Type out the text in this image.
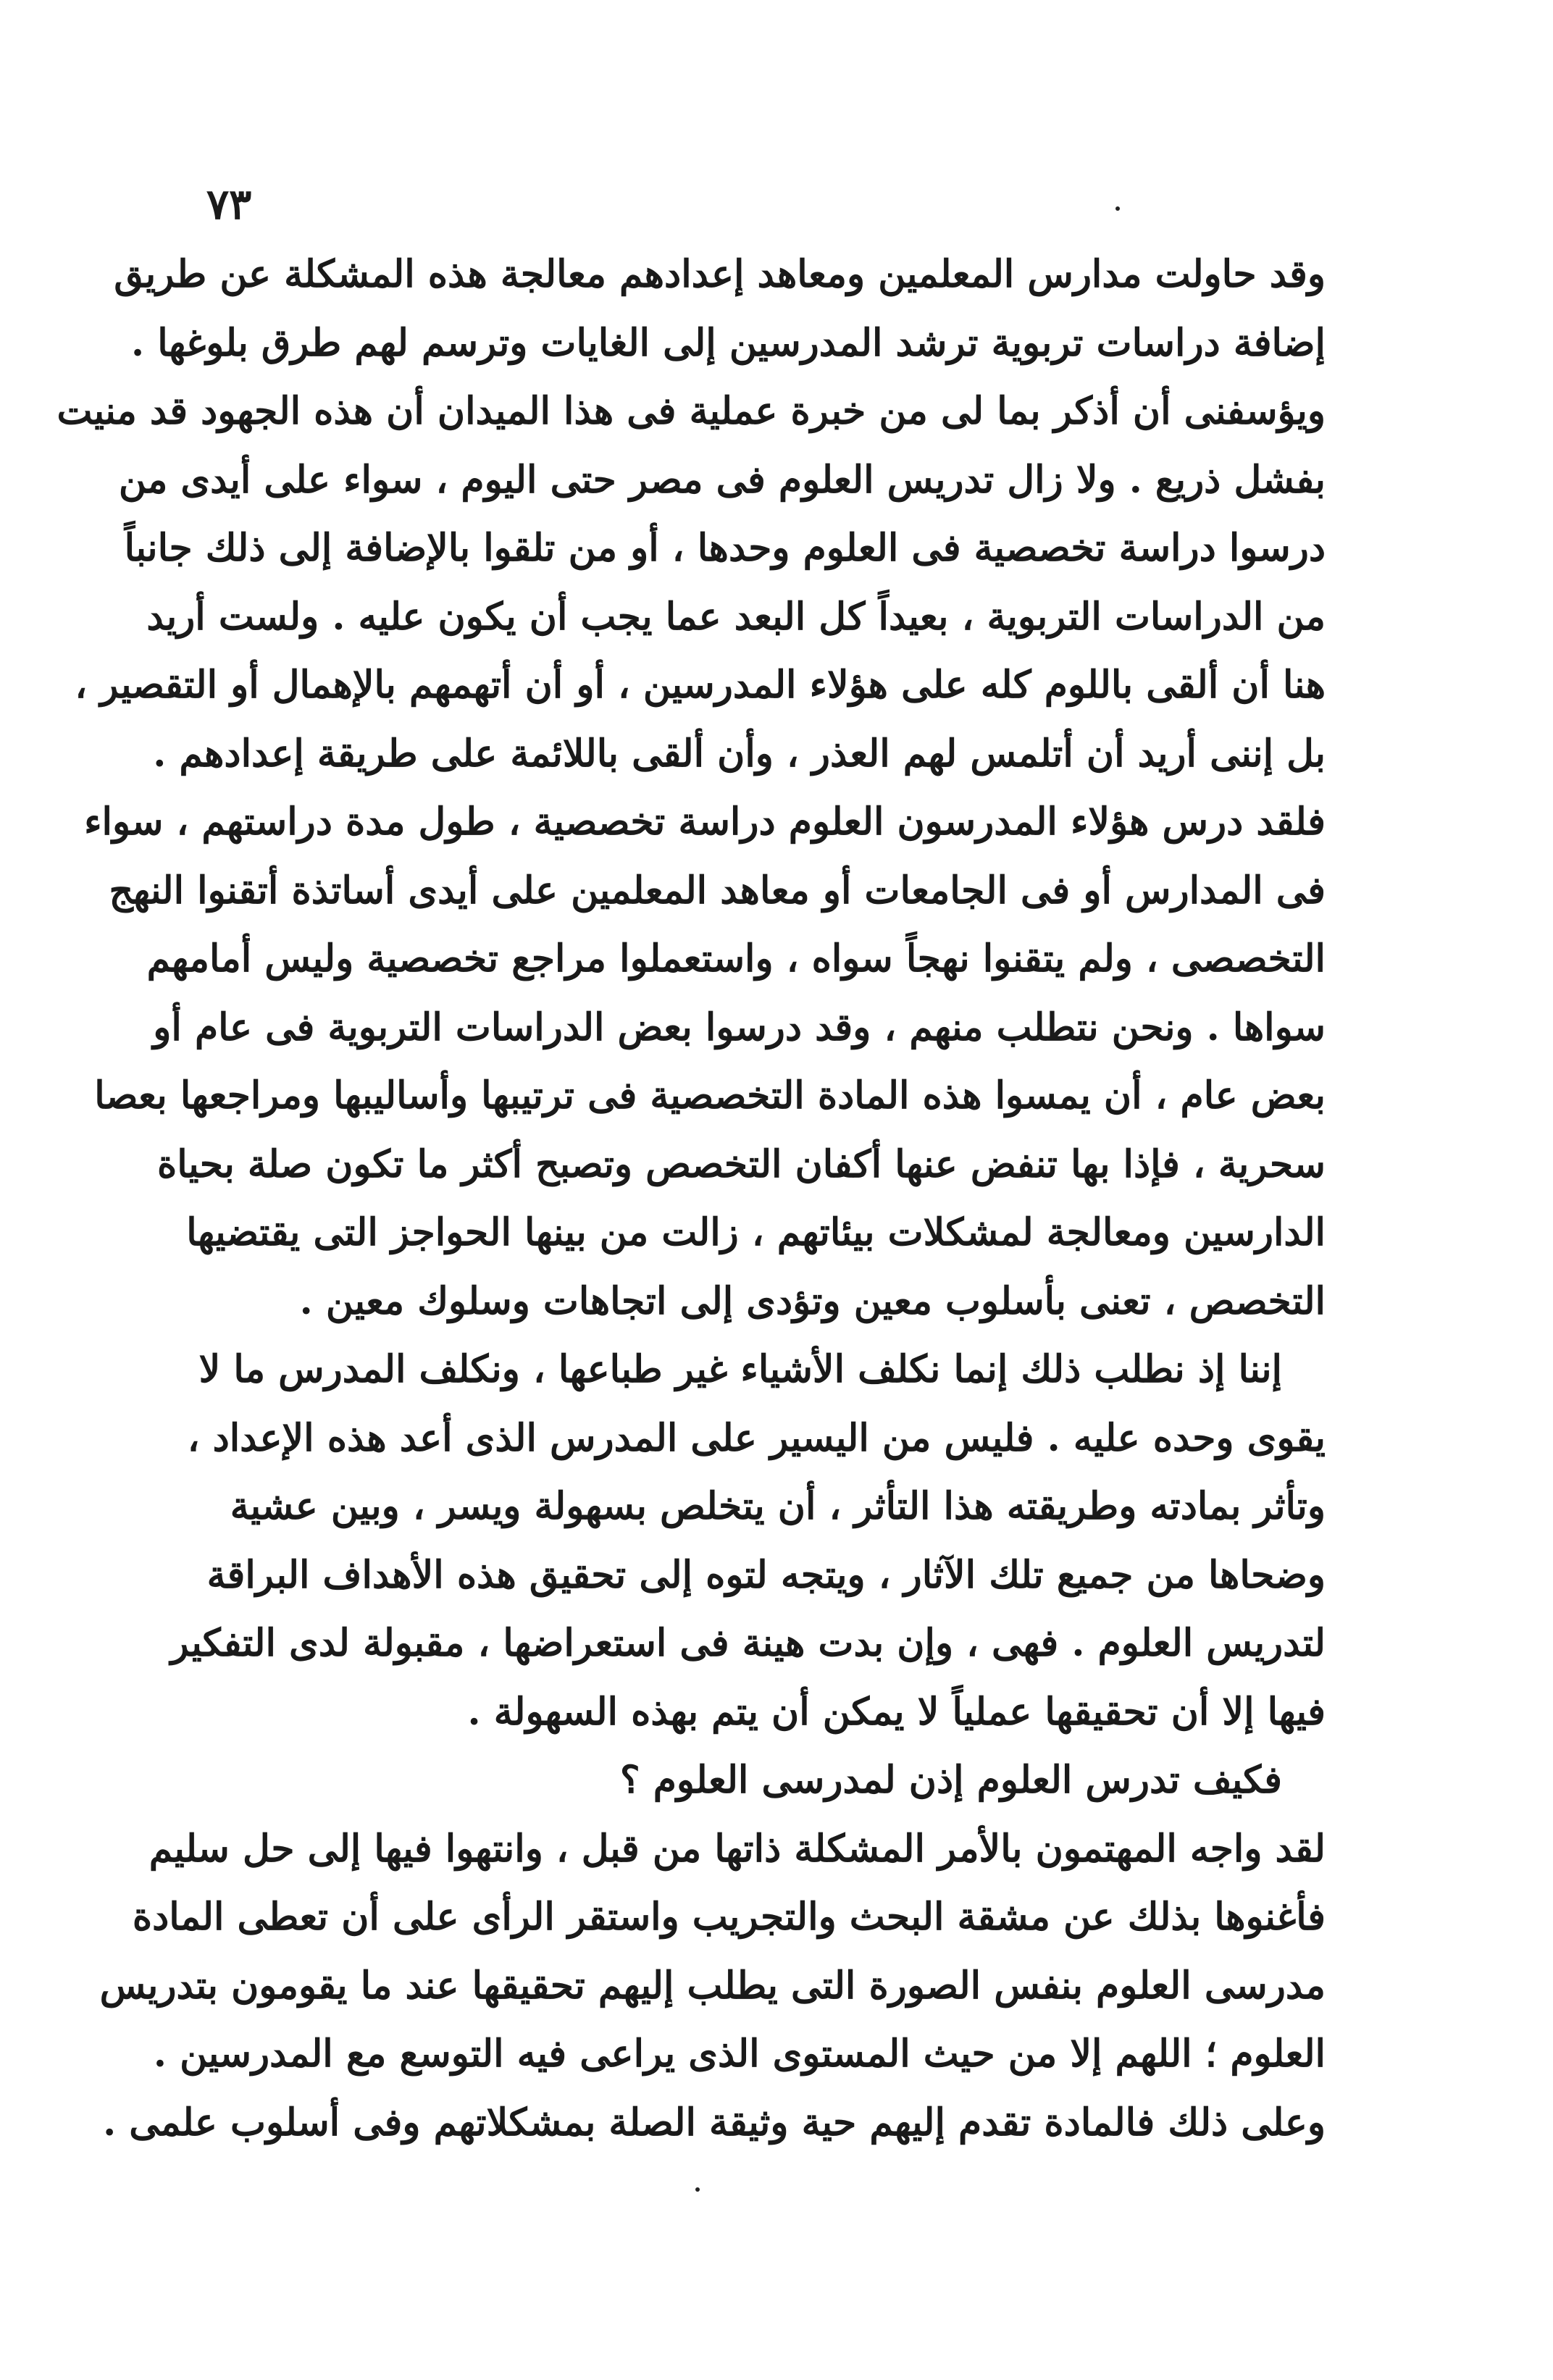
٧٣
وقد حاولت مدارس المعلمين ومعاهد إعدادهم معالجة هذه المشكلة عن طريق
إضافة دراسات تربوية ترشد المدرسين إلى الغايات وترسم لهم طرق بلوغها .
ويؤسفنى أن أذكر بما لى من خبرة عملية فى هذا الميدان أن هذه الجهود قد منيت
بفشل ذريع . ولا زال تدريس العلوم فى مصر حتى اليوم ، سواء على أيدى من
درسوا دراسة تخصصية فى العلوم وحدها ، أو من تلقوا بالإضافة إلى ذلك جانباً
من الدراسات التربوية ، بعيداً كل البعد عما يجب أن يكون عليه . ولست أريد
هنا أن ألقى باللوم كله على هؤلاء المدرسين ، أو أن أتهمهم بالإهمال أو التقصير ،
بل إننى أريد أن أتلمس لهم العذر ، وأن ألقى باللائمة على طريقة إعدادهم .
فلقد درس هؤلاء المدرسون العلوم دراسة تخصصية ، طول مدة دراستهم ، سواء
فى المدارس أو فى الجامعات أو معاهد المعلمين على أيدى أساتذة أتقنوا النهج
التخصصى ، ولم يتقنوا نهجاً سواه ، واستعملوا مراجع تخصصية وليس أمامهم
سواها . ونحن نتطلب منهم ، وقد درسوا بعض الدراسات التربوية فى عام أو
بعض عام ، أن يمسوا هذه المادة التخصصية فى ترتيبها وأساليبها ومراجعها بعصا
سحرية ، فإذا بها تنفض عنها أكفان التخصص وتصبح أكثر ما تكون صلة بحياة
الدارسين ومعالجة لمشكلات بيئاتهم ، زالت من بينها الحواجز التى يقتضيها
التخصص ، تعنى بأسلوب معين وتؤدى إلى اتجاهات وسلوك معين .
إننا إذ نطلب ذلك إنما نكلف الأشياء غير طباعها ، ونكلف المدرس ما لا
يقوى وحده عليه . فليس من اليسير على المدرس الذى أعد هذه الإعداد ،
وتأثر بمادته وطريقته هذا التأثر ، أن يتخلص بسهولة ويسر ، وبين عشية
وضحاها من جميع تلك الآثار ، ويتجه لتوه إلى تحقيق هذه الأهداف البراقة
لتدريس العلوم . فهى ، وإن بدت هينة فى استعراضها ، مقبولة لدى التفكير
فيها إلا أن تحقيقها عملياً لا يمكن أن يتم بهذه السهولة .
فكيف تدرس العلوم إذن لمدرسى العلوم ؟
لقد واجه المهتمون بالأمر المشكلة ذاتها من قبل ، وانتهوا فيها إلى حل سليم
فأغنوها بذلك عن مشقة البحث والتجريب واستقر الرأى على أن تعطى المادة
مدرسى العلوم بنفس الصورة التى يطلب إليهم تحقيقها عند ما يقومون بتدريس
العلوم ؛ اللهم إلا من حيث المستوى الذى يراعى فيه التوسع مع المدرسين .
وعلى ذلك فالمادة تقدم إليهم حية وثيقة الصلة بمشكلاتهم وفى أسلوب علمى .
